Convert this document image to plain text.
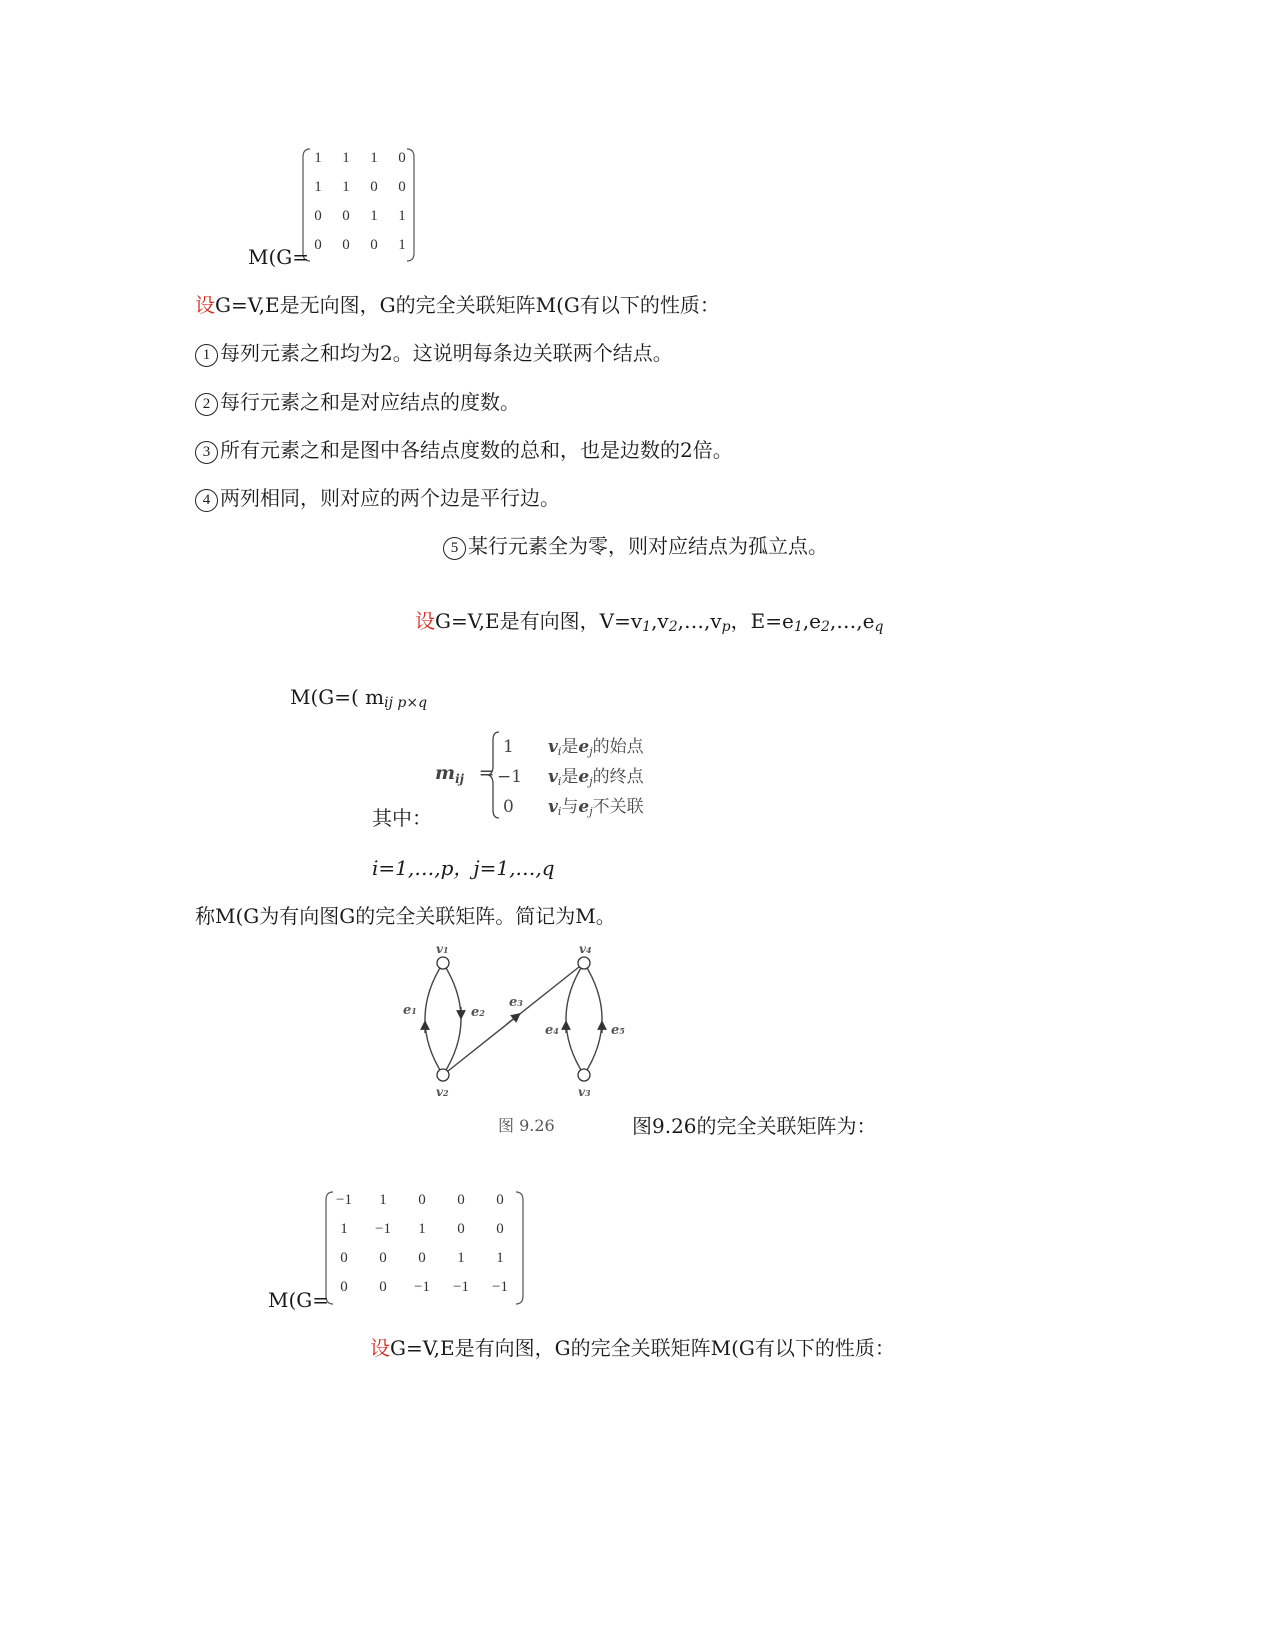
1	1	1	0
1	1	0	0
0	0	1	1
0	0	0	1
M(G=
设G=V,E是无向图，G的完全关联矩阵M(G有以下的性质：
1 每列元素之和均为2。这说明每条边关联两个结点。
2 每行元素之和是对应结点的度数。
3 所有元素之和是图中各结点度数的总和，也是边数的2倍。
4 两列相同，则对应的两个边是平行边。
5 某行元素全为零，则对应结点为孤立点。
设G=V,E是有向图，$V=v_1,v_2,\dots,v_p$，$E=e_1,e_2,\dots,e_q$
M(G=( $m_{ij p\times q}$
$m_{ij}$ =
1 vi是ej的始点
−1 vi是ej的终点
0 vi与ej不关联
其中：
i=1,…,p，j=1,…,q
称M(G为有向图G的完全关联矩阵。简记为M。
v1
v2	v3
v4
e1	e2
e3
e4	e5
图 9.26	图9.26的完全关联矩阵为：
−1	1	0	0	0
1	−1	1	0	0
0	0	0	1	1
0	0	−1	−1	−1
M(G=
设G=V,E是有向图，G的完全关联矩阵M(G有以下的性质：
